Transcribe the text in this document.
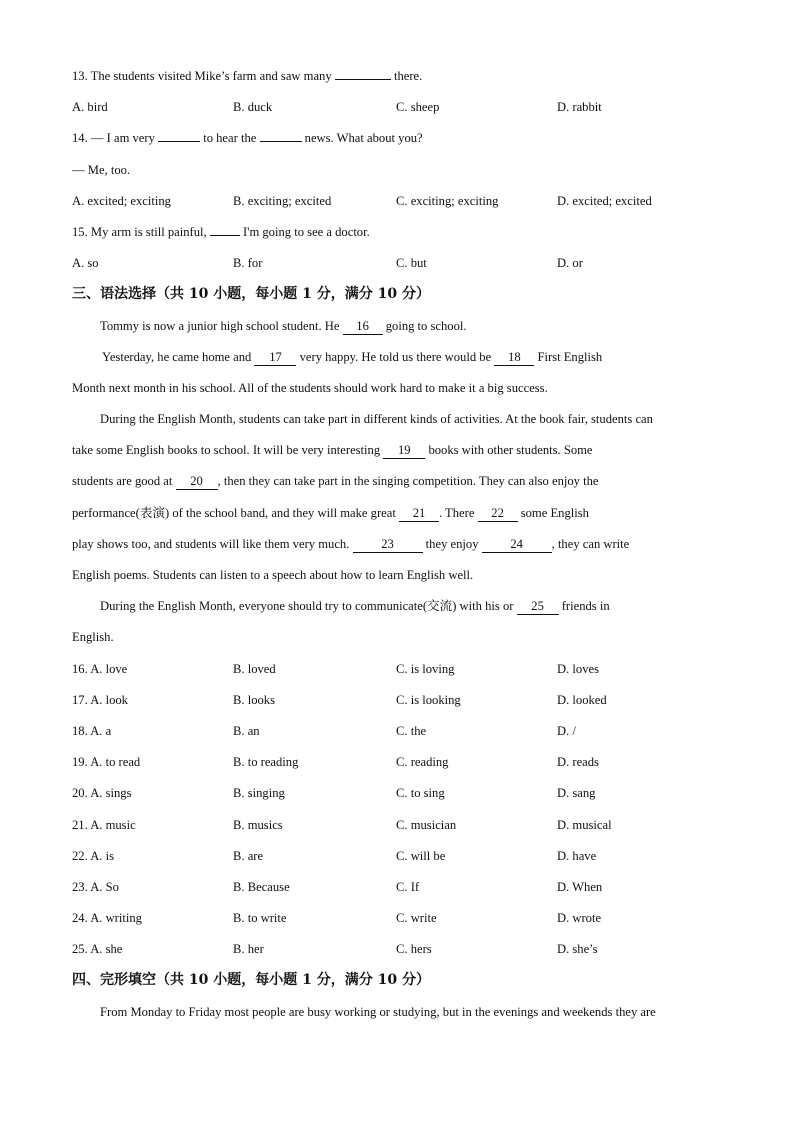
13. The students visited Mike’s farm and saw many	there.
A. bird	B. duck	C. sheep	D. rabbit
14. — I am very	to hear the	news. What about you?
— Me, too.
A. excited; exciting	B. exciting; excited	C. exciting; exciting	D. excited; excited
15. My arm is still painful,  I'm going to see a doctor.
A. so	B. for	C. but	D. or
三、语法选择（共 10 小题，每小题 1 分，满分 10 分）
Tommy is now a junior high school student. He 16 going to school.
Yesterday, he came home and 17 very happy. He told us there would be 18 First English
Month next month in his school. All of the students should work hard to make it a big success.
During the English Month, students can take part in different kinds of activities. At the book fair, students can
take some English books to school. It will be very interesting 19 books with other students. Some
students are good at 20 , then they can take part in the singing competition. They can also enjoy the
performance(表演) of the school band, and they will make great 21 . There 22 some English
play shows too, and students will like them very much. 23 they enjoy 24 , they can write
English poems. Students can listen to a speech about how to learn English well.
During the English Month, everyone should try to communicate(交流) with his or 25 friends in
English.
16. A. love	B. loved	C. is loving	D. loves
17. A. look	B. looks	C. is looking	D. looked
18. A. a	B. an	C. the	D. /
19. A. to read	B. to reading	C. reading	D. reads
20. A. sings	B. singing	C. to sing	D. sang
21. A. music	B. musics	C. musician	D. musical
22. A. is	B. are	C. will be	D. have
23. A. So	B. Because	C. If	D. When
24. A. writing	B. to write	C. write	D. wrote
25. A. she	B. her	C. hers	D. she’s
四、完形填空（共 10 小题，每小题 1 分，满分 10 分）
From Monday to Friday most people are busy working or studying, but in the evenings and weekends they are
